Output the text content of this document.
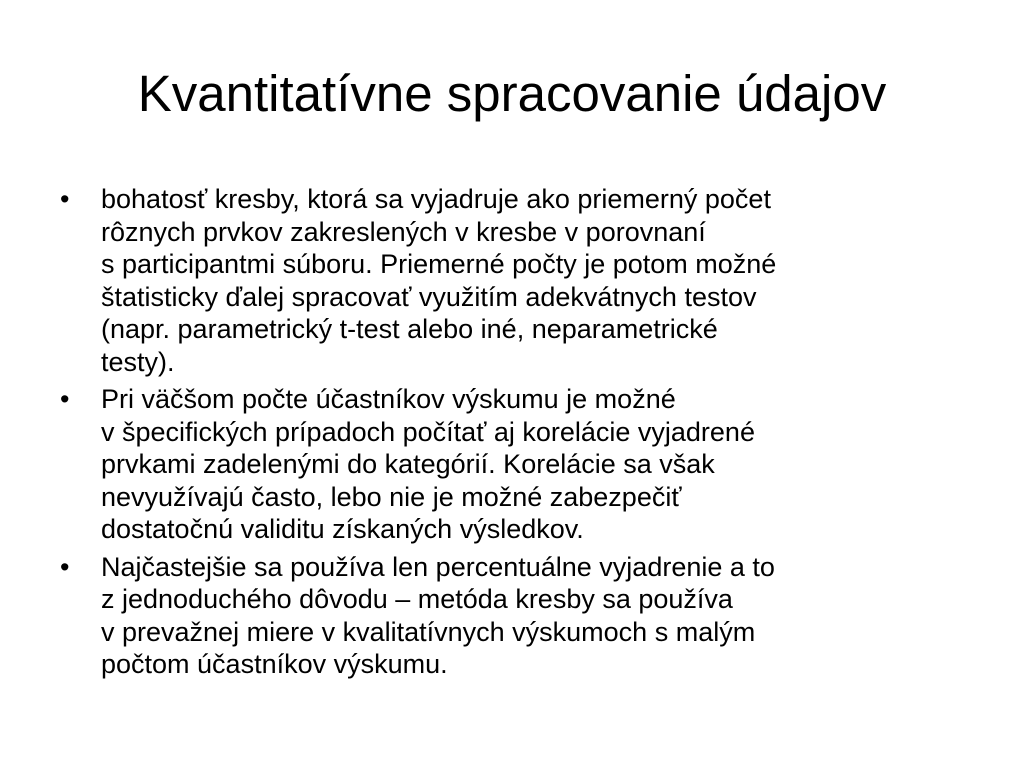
Kvantitatívne spracovanie údajov
•	bohatosť kresby, ktorá sa vyjadruje ako priemerný počet
rôznych prvkov zakreslených v kresbe v porovnaní
s participantmi súboru. Priemerné počty je potom možné
štatisticky ďalej spracovať využitím adekvátnych testov
(napr. parametrický t-test alebo iné, neparametrické
testy).
•	Pri väčšom počte účastníkov výskumu je možné
v špecifických prípadoch počítať aj korelácie vyjadrené
prvkami zadelenými do kategórií. Korelácie sa však
nevyužívajú často, lebo nie je možné zabezpečiť
dostatočnú validitu získaných výsledkov.
•	Najčastejšie sa používa len percentuálne vyjadrenie a to
z jednoduchého dôvodu – metóda kresby sa používa
v prevažnej miere v kvalitatívnych výskumoch s malým
počtom účastníkov výskumu.
